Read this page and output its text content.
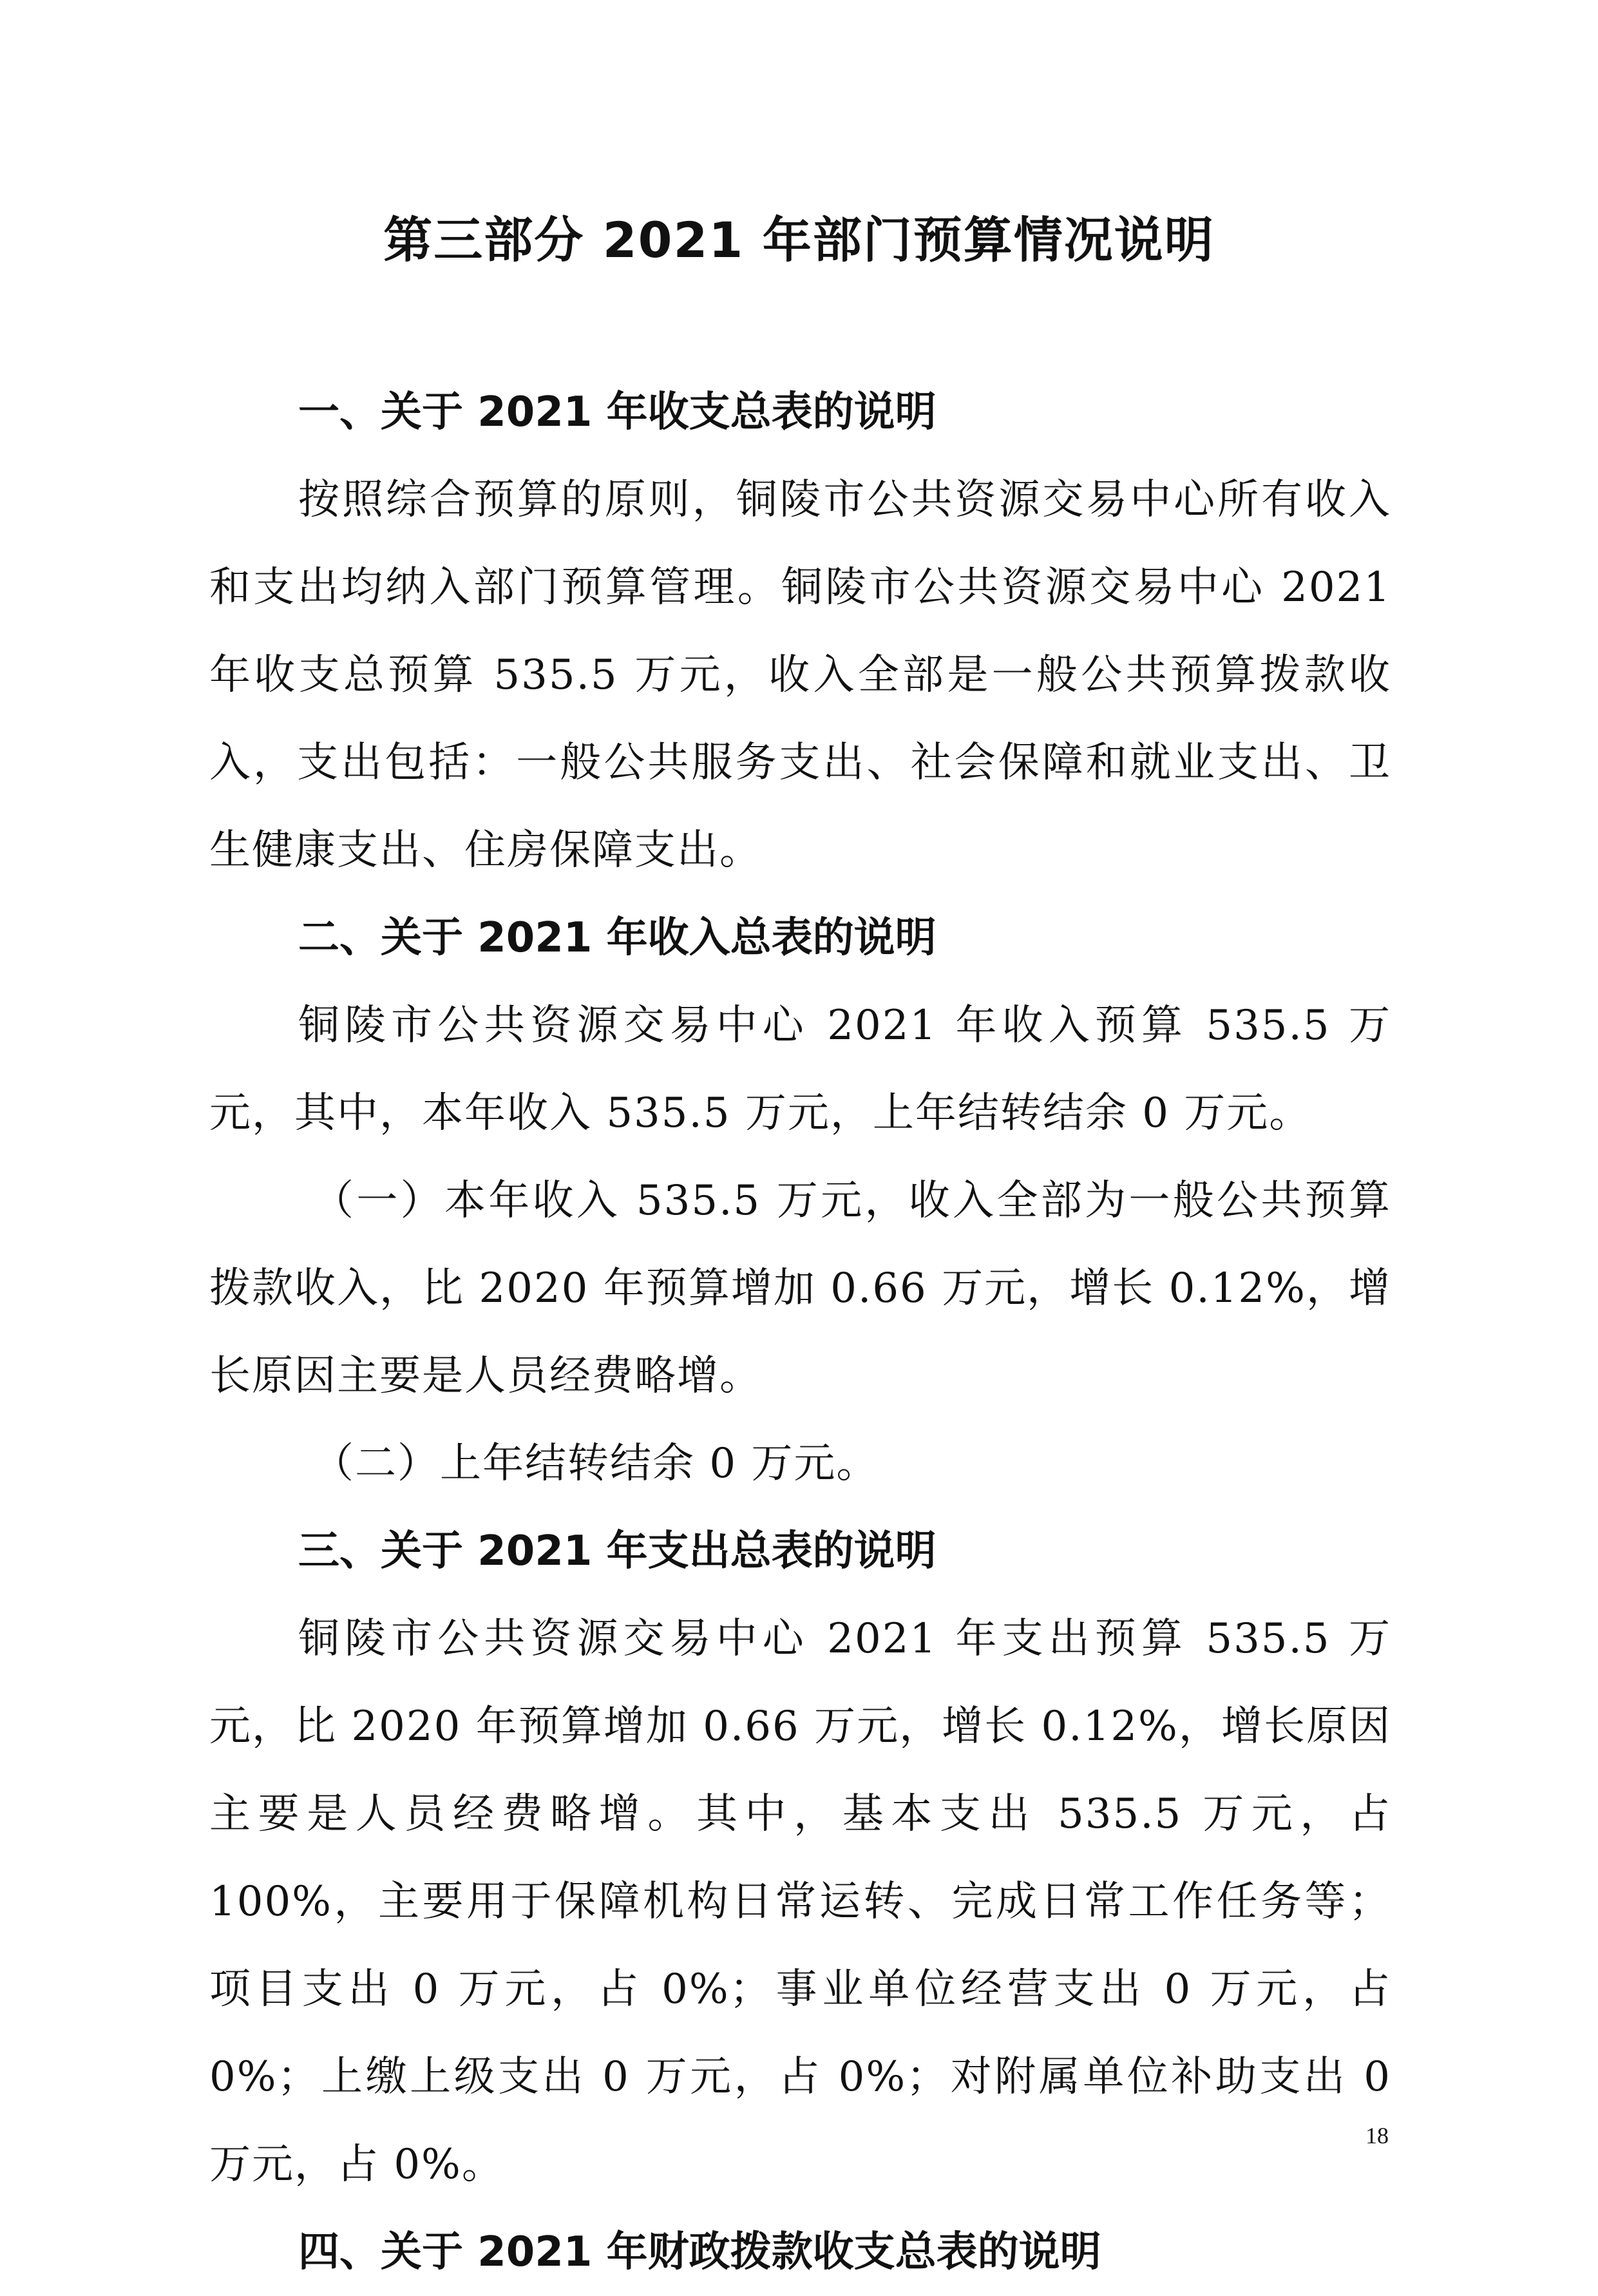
第三部分 2021 年部门预算情况说明

一、关于 2021 年收支总表的说明

按照综合预算的原则，铜陵市公共资源交易中心所有收入和支出均纳入部门预算管理。铜陵市公共资源交易中心 2021 年收支总预算 535.5 万元，收入全部是一般公共预算拨款收入，支出包括：一般公共服务支出、社会保障和就业支出、卫生健康支出、住房保障支出。

二、关于 2021 年收入总表的说明

铜陵市公共资源交易中心 2021 年收入预算 535.5 万元，其中，本年收入 535.5 万元，上年结转结余 0 万元。

（一）本年收入 535.5 万元，收入全部为一般公共预算拨款收入，比 2020 年预算增加 0.66 万元，增长 0.12%，增长原因主要是人员经费略增。

（二）上年结转结余 0 万元。

三、关于 2021 年支出总表的说明

铜陵市公共资源交易中心 2021 年支出预算 535.5 万元，比 2020 年预算增加 0.66 万元，增长 0.12%，增长原因主要是人员经费略增。其中，基本支出 535.5 万元，占 100%，主要用于保障机构日常运转、完成日常工作任务等；项目支出 0 万元，占 0%；事业单位经营支出 0 万元，占 0%；上缴上级支出 0 万元，占 0%；对附属单位补助支出 0 万元，占 0%。

四、关于 2021 年财政拨款收支总表的说明

18
